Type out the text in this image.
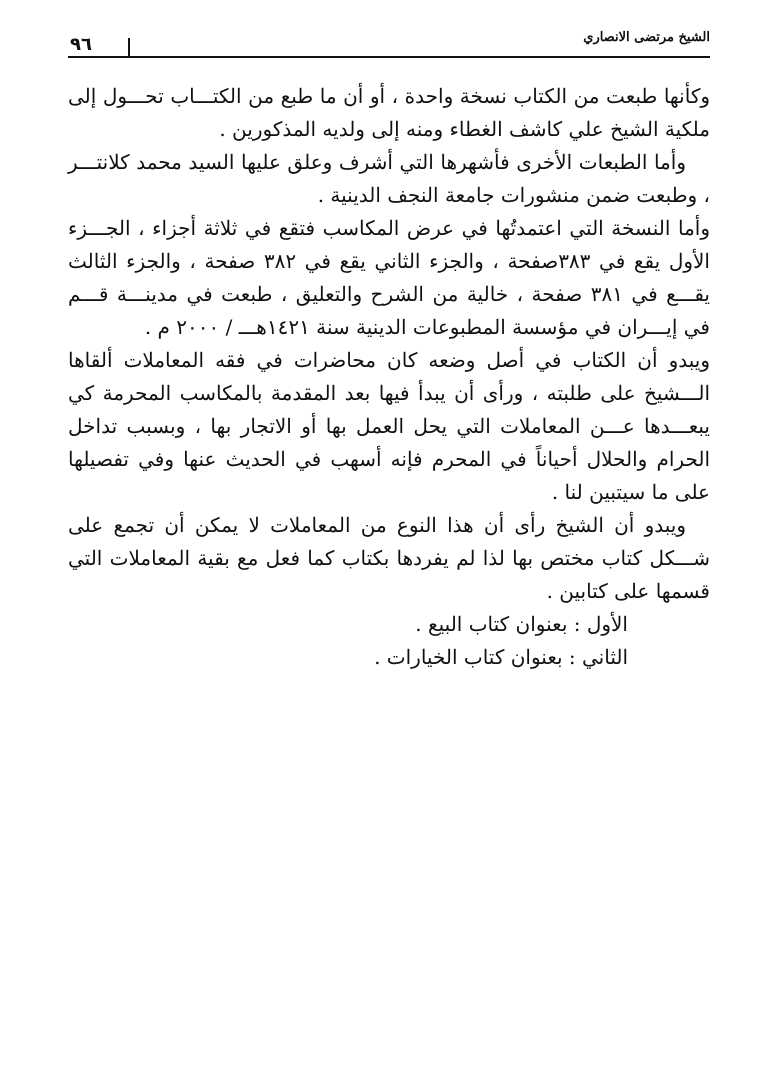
الشيخ مرتضى الانصاري
٩٦

وكأنها طبعت من الكتاب نسخة واحدة ، أو أن ما طبع من الكتـــاب تحـــول إلى ملكية الشيخ علي كاشف الغطاء ومنه إلى ولديه المذكورين .

وأما الطبعات الأخرى فأشهرها التي أشرف وعلق عليها السيد محمد كلانتـــر ، وطبعت ضمن منشورات جامعة النجف الدينية .

وأما النسخة التي اعتمدتُها في عرض المكاسب فتقع في ثلاثة أجزاء ، الجـــزء الأول يقع في ٣٨٣صفحة ، والجزء الثاني يقع في ٣٨٢ صفحة ، والجزء الثالث يقـــع في ٣٨١ صفحة ، خالية من الشرح والتعليق ، طبعت في مدينـــة قـــم في إيـــران في مؤسسة المطبوعات الدينية سنة ١٤٢١هـــ / ٢٠٠٠ م .

ويبدو أن الكتاب في أصل وضعه كان محاضرات في فقه المعاملات ألقاها الـــشيخ على طلبته ، ورأى أن يبدأ فيها بعد المقدمة بالمكاسب المحرمة كي يبعـــدها عـــن المعاملات التي يحل العمل بها أو الاتجار بها ، وبسبب تداخل الحرام والحلال أحياناً في المحرم فإنه أسهب في الحديث عنها وفي تفصيلها على ما سيتبين لنا .

ويبدو أن الشيخ رأى أن هذا النوع من المعاملات لا يمكن أن تجمع على شـــكل كتاب مختص بها لذا لم يفردها بكتاب كما فعل مع بقية المعاملات التي قسمها على كتابين .

الأول : بعنوان كتاب البيع .

الثاني : بعنوان كتاب الخيارات .
